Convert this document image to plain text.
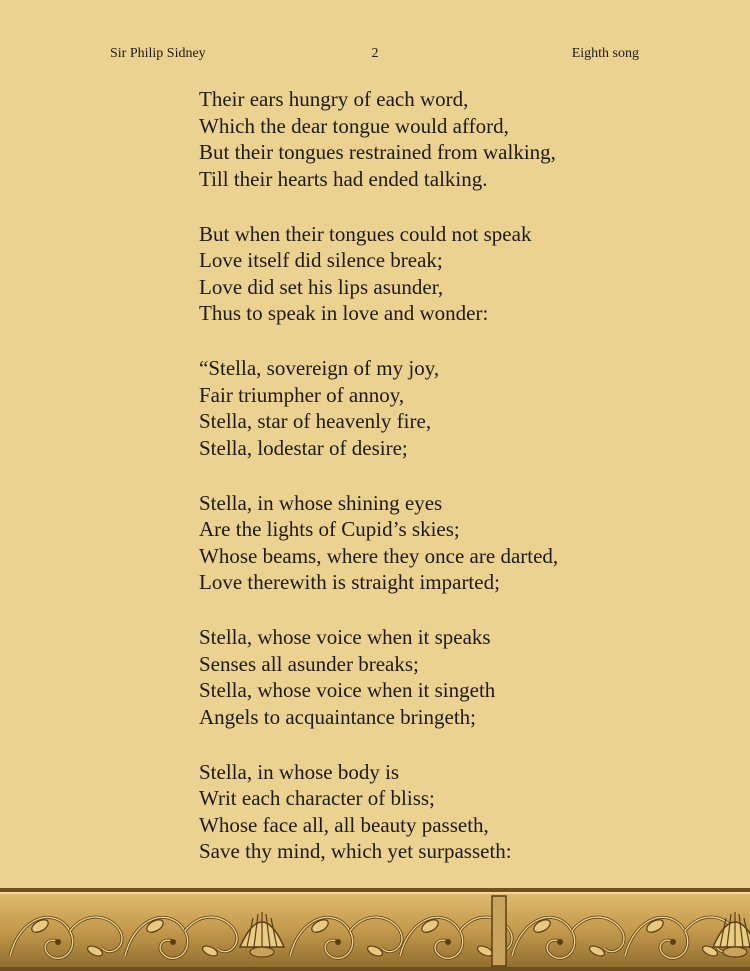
Sir Philip Sidney	2	Eighth song
Their ears hungry of each word,
Which the dear tongue would afford,
But their tongues restrained from walking,
Till their hearts had ended talking.
But when their tongues could not speak
Love itself did silence break;
Love did set his lips asunder,
Thus to speak in love and wonder:
“Stella, sovereign of my joy,
Fair triumpher of annoy,
Stella, star of heavenly fire,
Stella, lodestar of desire;
Stella, in whose shining eyes
Are the lights of Cupid’s skies;
Whose beams, where they once are darted,
Love therewith is straight imparted;
Stella, whose voice when it speaks
Senses all asunder breaks;
Stella, whose voice when it singeth
Angels to acquaintance bringeth;
Stella, in whose body is
Writ each character of bliss;
Whose face all, all beauty passeth,
Save thy mind, which yet surpasseth:
